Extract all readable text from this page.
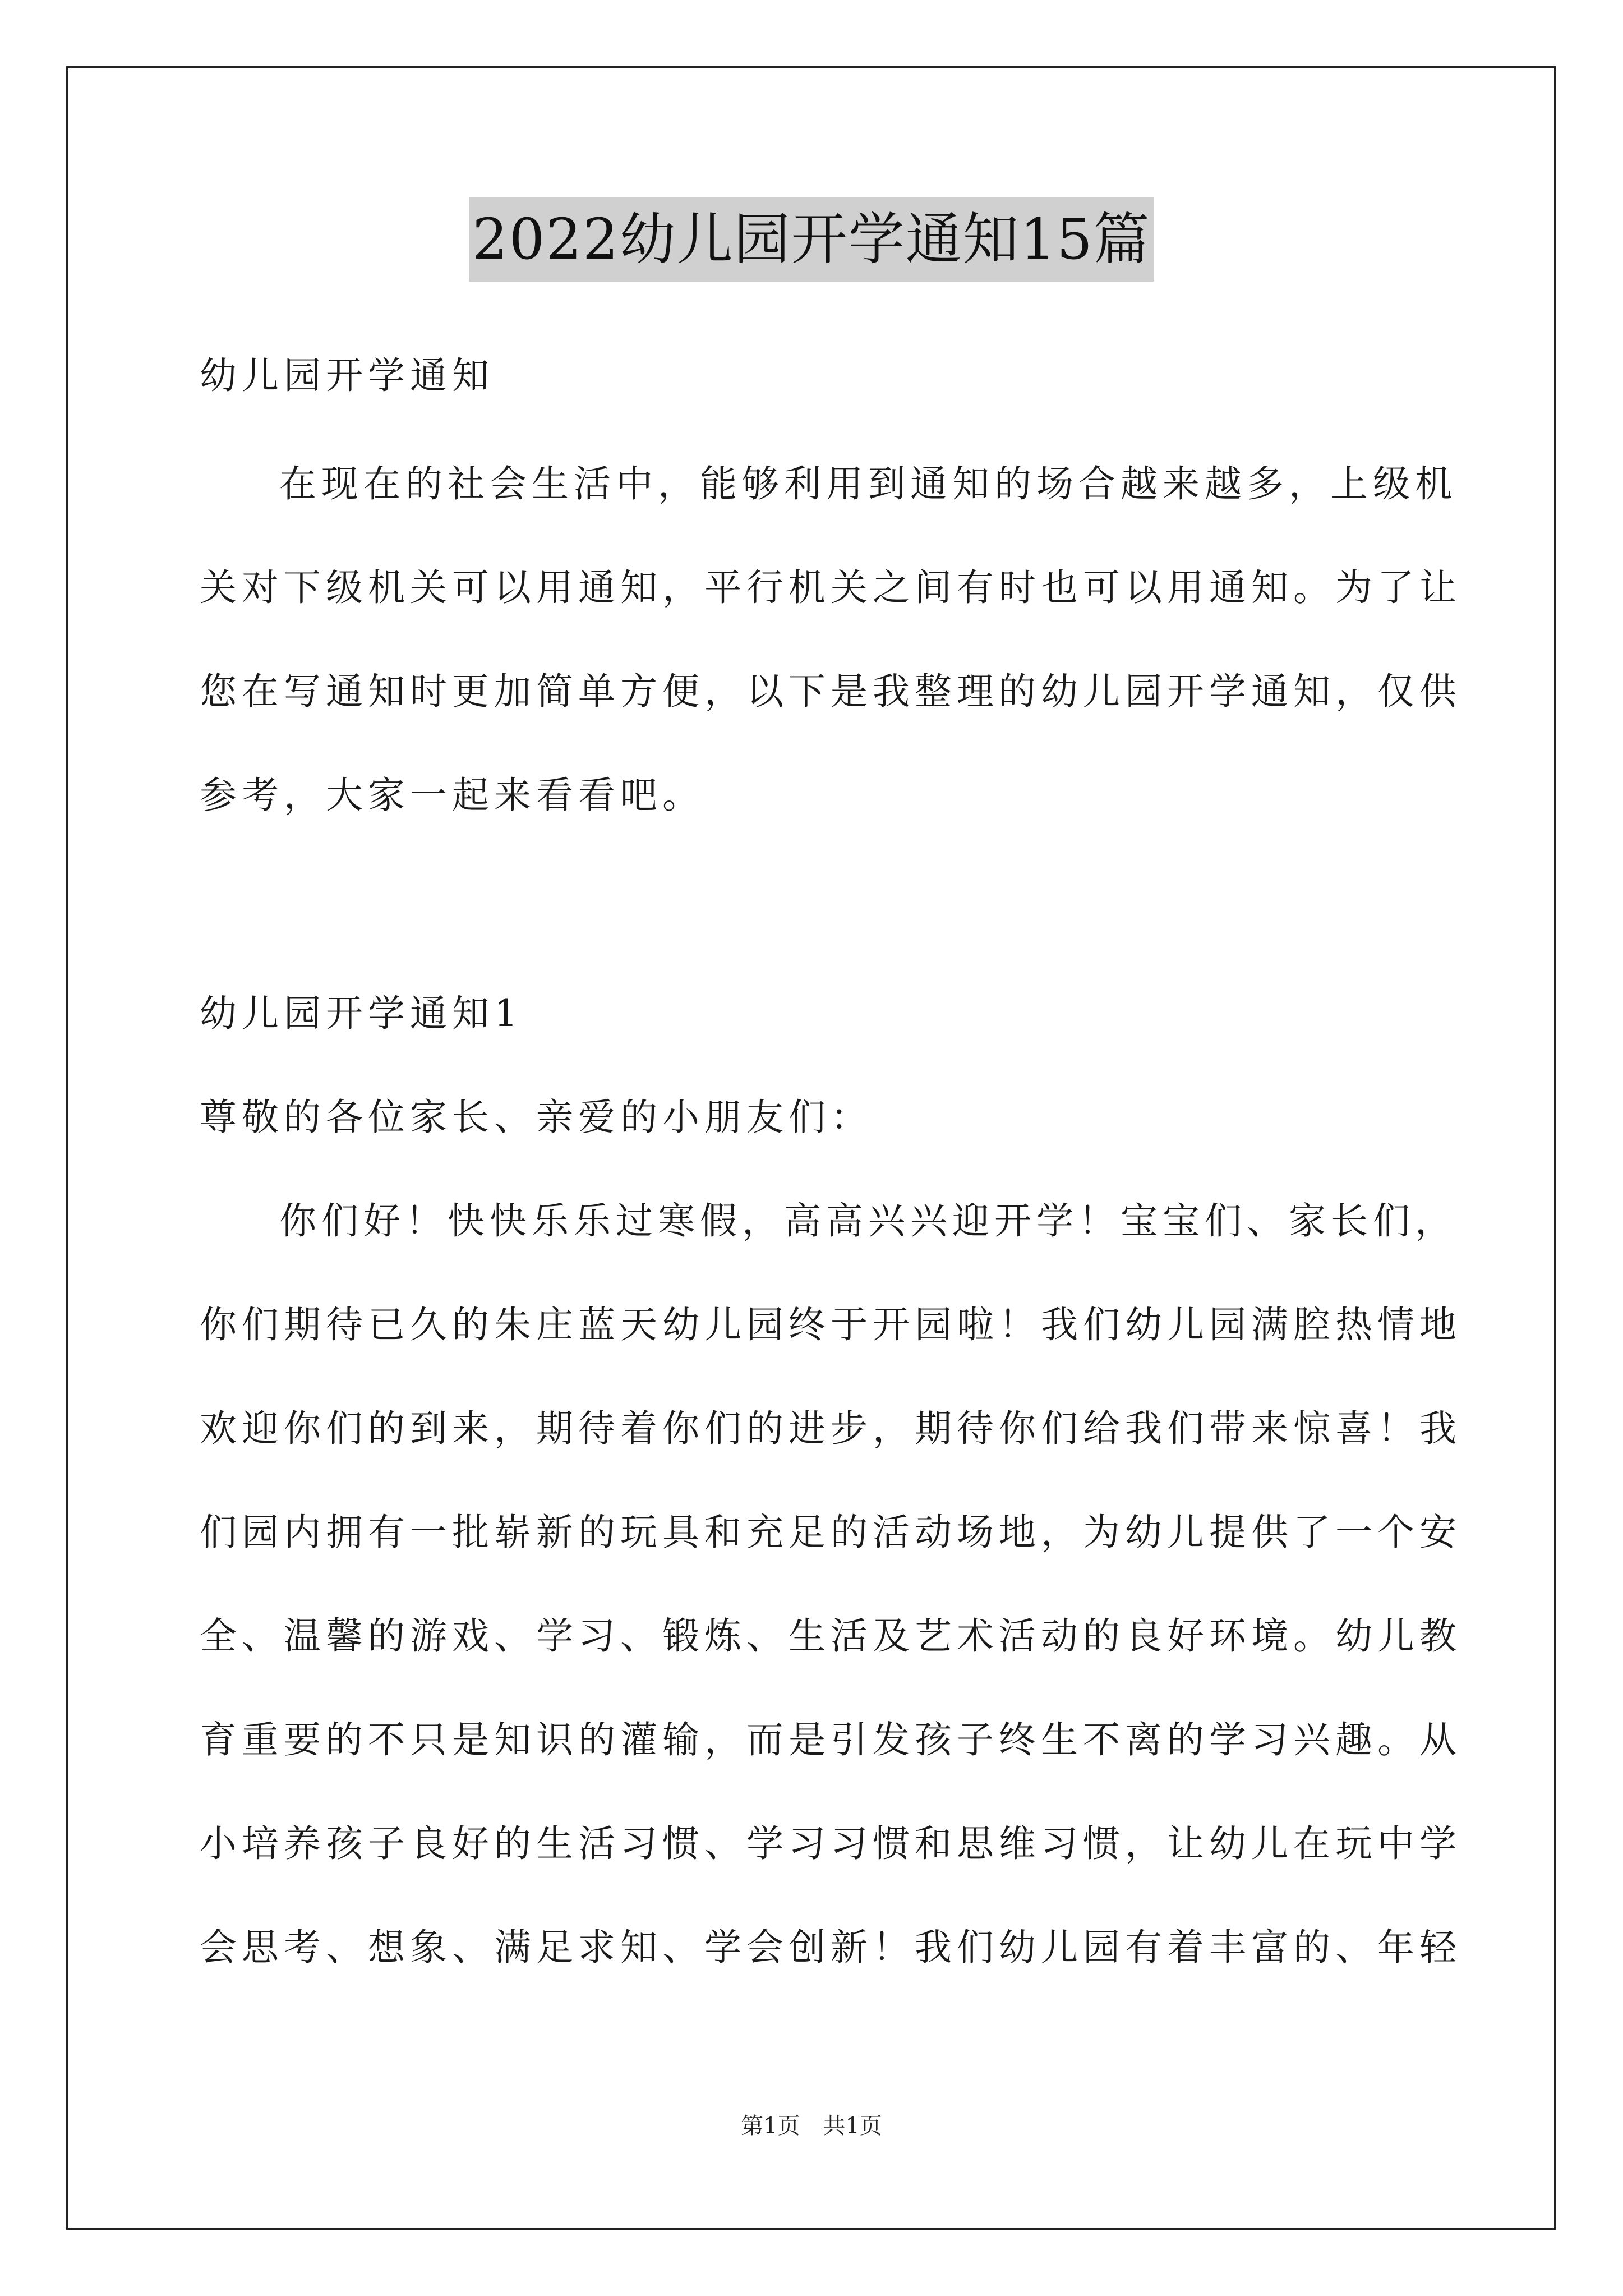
2022幼儿园开学通知15篇
幼儿园开学通知
在现在的社会生活中，能够利用到通知的场合越来越多，上级机
关对下级机关可以用通知，平行机关之间有时也可以用通知。为了让
您在写通知时更加简单方便，以下是我整理的幼儿园开学通知，仅供
参考，大家一起来看看吧。
幼儿园开学通知1
尊敬的各位家长、亲爱的小朋友们：
你们好！快快乐乐过寒假，高高兴兴迎开学！宝宝们、家长们，
你们期待已久的朱庄蓝天幼儿园终于开园啦！我们幼儿园满腔热情地
欢迎你们的到来，期待着你们的进步，期待你们给我们带来惊喜！我
们园内拥有一批崭新的玩具和充足的活动场地，为幼儿提供了一个安
全、温馨的游戏、学习、锻炼、生活及艺术活动的良好环境。幼儿教
育重要的不只是知识的灌输，而是引发孩子终生不离的学习兴趣。从
小培养孩子良好的生活习惯、学习习惯和思维习惯，让幼儿在玩中学
会思考、想象、满足求知、学会创新！我们幼儿园有着丰富的、年轻
第1页 共1页
